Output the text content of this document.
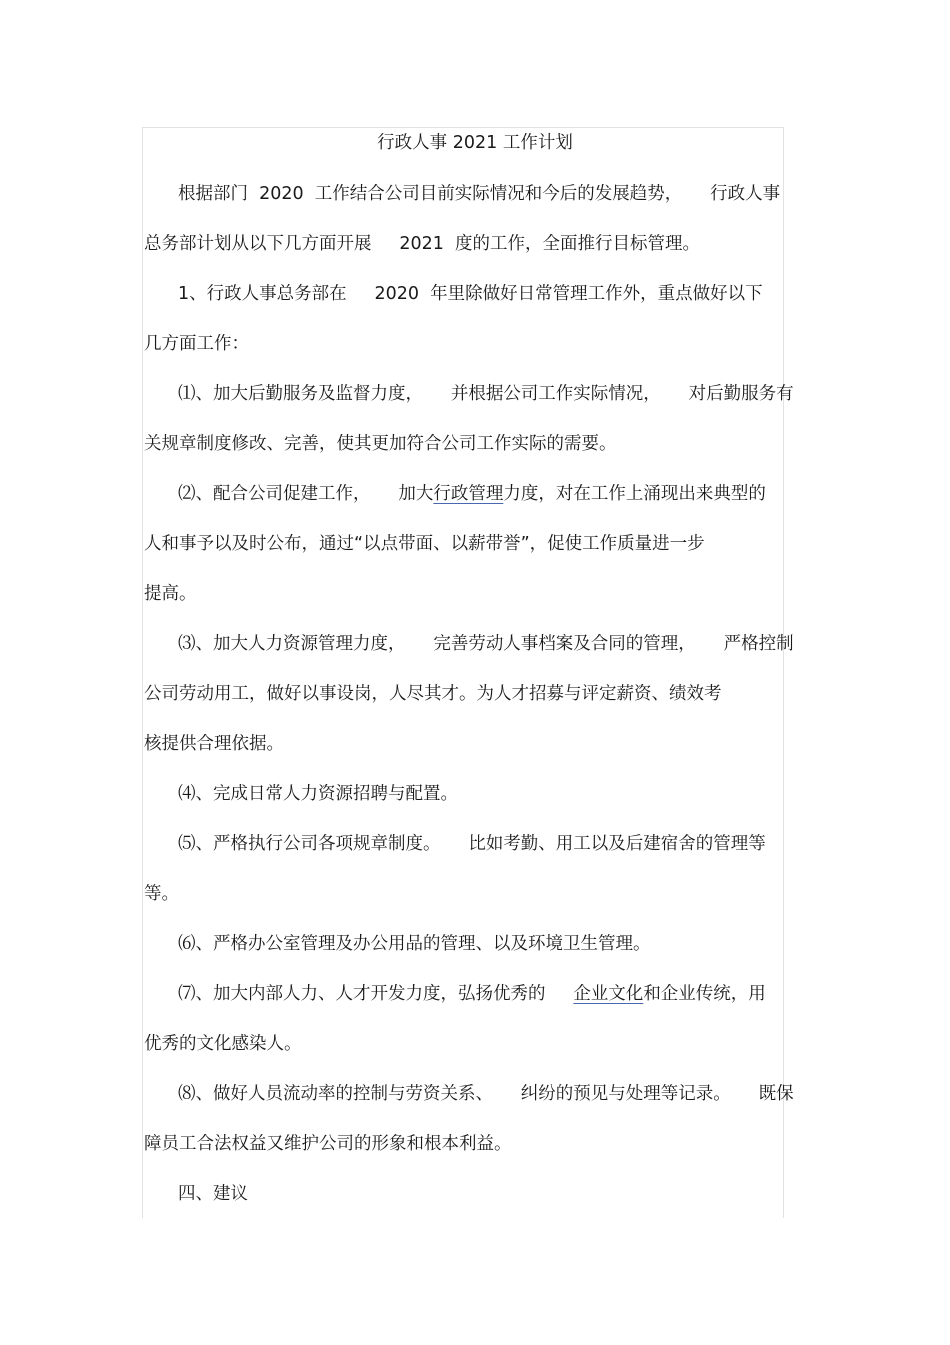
行政人事 2021 工作计划
根据部门  2020  工作结合公司目前实际情况和今后的发展趋势，     行政人事
总务部计划从以下几方面开展     2021  度的工作，全面推行目标管理。
1、行政人事总务部在     2020  年里除做好日常管理工作外，重点做好以下
几方面工作：
⑴、加大后勤服务及监督力度，     并根据公司工作实际情况，     对后勤服务有
关规章制度修改、完善，使其更加符合公司工作实际的需要。
⑵、配合公司促建工作，     加大行政管理力度，对在工作上涌现出来典型的
人和事予以及时公布，通过“以点带面、以薪带誉”，促使工作质量进一步
提高。
⑶、加大人力资源管理力度，     完善劳动人事档案及合同的管理，     严格控制
公司劳动用工，做好以事设岗，人尽其才。为人才招募与评定薪资、绩效考
核提供合理依据。
⑷、完成日常人力资源招聘与配置。
⑸、严格执行公司各项规章制度。     比如考勤、用工以及后建宿舍的管理等
等。
⑹、严格办公室管理及办公用品的管理、以及环境卫生管理。
⑺、加大内部人力、人才开发力度，弘扬优秀的     企业文化和企业传统，用
优秀的文化感染人。
⑻、做好人员流动率的控制与劳资关系、     纠纷的预见与处理等记录。     既保
障员工合法权益又维护公司的形象和根本利益。
四、建议
